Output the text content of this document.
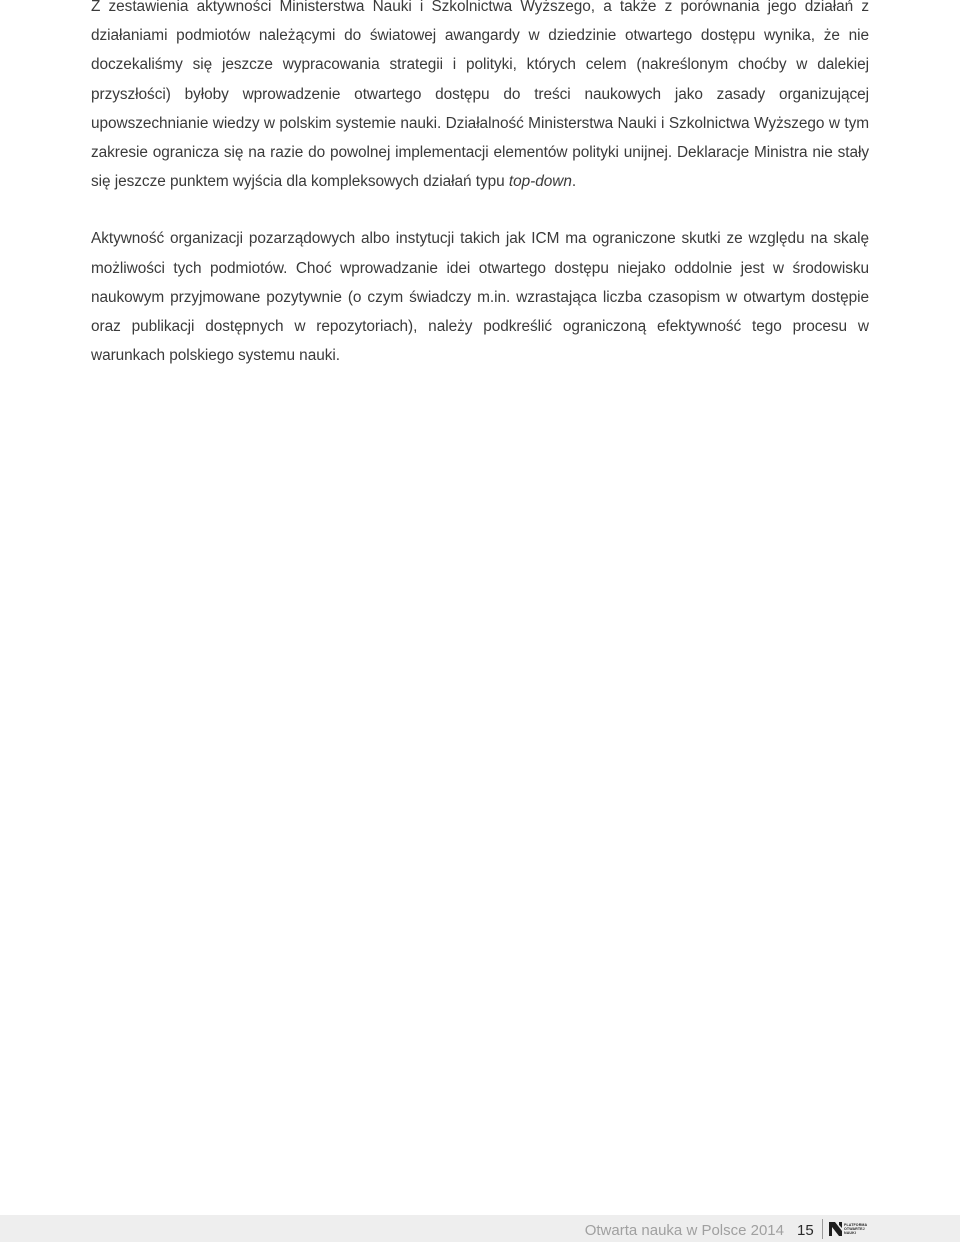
Z zestawienia aktywności Ministerstwa Nauki i Szkolnictwa Wyższego, a także z porównania jego działań z działaniami podmiotów należącymi do światowej awangardy w dziedzinie otwartego dostępu wynika, że nie doczekaliśmy się jeszcze wypracowania strategii i polityki, których celem (nakreślonym choćby w dalekiej przyszłości) byłoby wprowadzenie otwartego dostępu do treści naukowych jako zasady organizującej upowszechnianie wiedzy w polskim systemie nauki. Działalność Ministerstwa Nauki i Szkolnictwa Wyższego w tym zakresie ogranicza się na razie do powolnej implementacji elementów polityki unijnej. Deklaracje Ministra nie stały się jeszcze punktem wyjścia dla kompleksowych działań typu top-down.

Aktywność organizacji pozarządowych albo instytucji takich jak ICM ma ograniczone skutki ze względu na skalę możliwości tych podmiotów. Choć wprowadzanie idei otwartego dostępu niejako oddolnie jest w środowisku naukowym przyjmowane pozytywnie (o czym świadczy m.in. wzrastająca liczba czasopism w otwartym dostępie oraz publikacji dostępnych w repozytoriach), należy podkreślić ograniczoną efektywność tego procesu w warunkach polskiego systemu nauki.

Otwarta nauka w Polsce 2014 15	PLATFORMA
OTWARTEJ
NAUKI
